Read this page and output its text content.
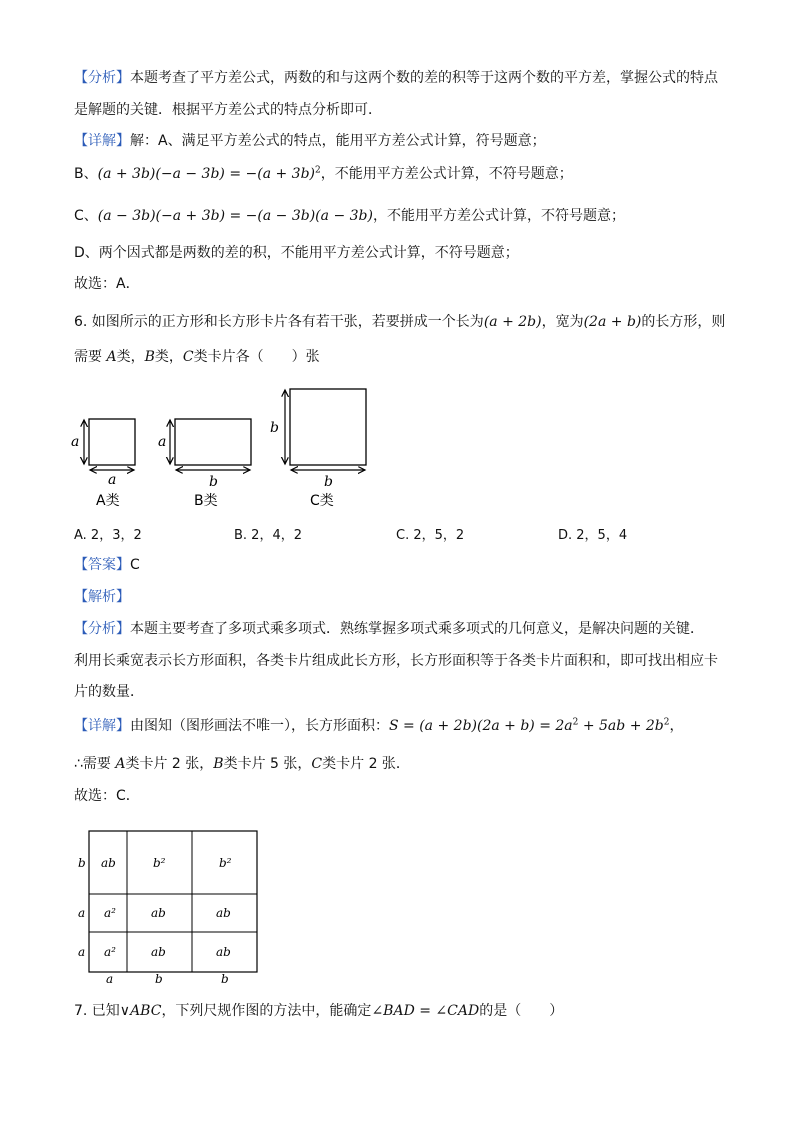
【分析】本题考查了平方差公式，两数的和与这两个数的差的积等于这两个数的平方差，掌握公式的特点
是解题的关键．根据平方差公式的特点分析即可．
【详解】解：A、满足平方差公式的特点，能用平方差公式计算，符号题意；
B、$(a + 3b)(-a - 3b) = -(a + 3b)^2$，不能用平方差公式计算，不符号题意；
C、(a − 3b)(−a + 3b) = −(a − 3b)(a − 3b)，不能用平方差公式计算，不符号题意；
D、两个因式都是两数的差的积，不能用平方差公式计算，不符号题意；
故选：A．
6. 如图所示的正方形和长方形卡片各有若干张，若要拼成一个长为(a + 2b)，宽为(2a + b)的长方形，则
需要 A类，B类，C类卡片各（　　）张
a
a
A类
a
b
B类
b
b
C类
A. 2，3，2	B. 2，4，2	C. 2，5，2	D. 2，5，4
【答案】C
【解析】
【分析】本题主要考查了多项式乘多项式．熟练掌握多项式乘多项式的几何意义，是解决问题的关键．
利用长乘宽表示长方形面积，各类卡片组成此长方形，长方形面积等于各类卡片面积和，即可找出相应卡
片的数量．
【详解】由图知（图形画法不唯一），长方形面积：$S = (a + 2b)(2a + b) = 2a^2 + 5ab + 2b^2$，
∴需要 A类卡片 2 张，B类卡片 5 张，C类卡片 2 张．
故选：C．
b
a
a
a	b	b
ab	b²	b²
a²	ab	ab
a²	ab	ab
7. 已知∨ABC，下列尺规作图的方法中，能确定∠BAD = ∠CAD的是（　　）
